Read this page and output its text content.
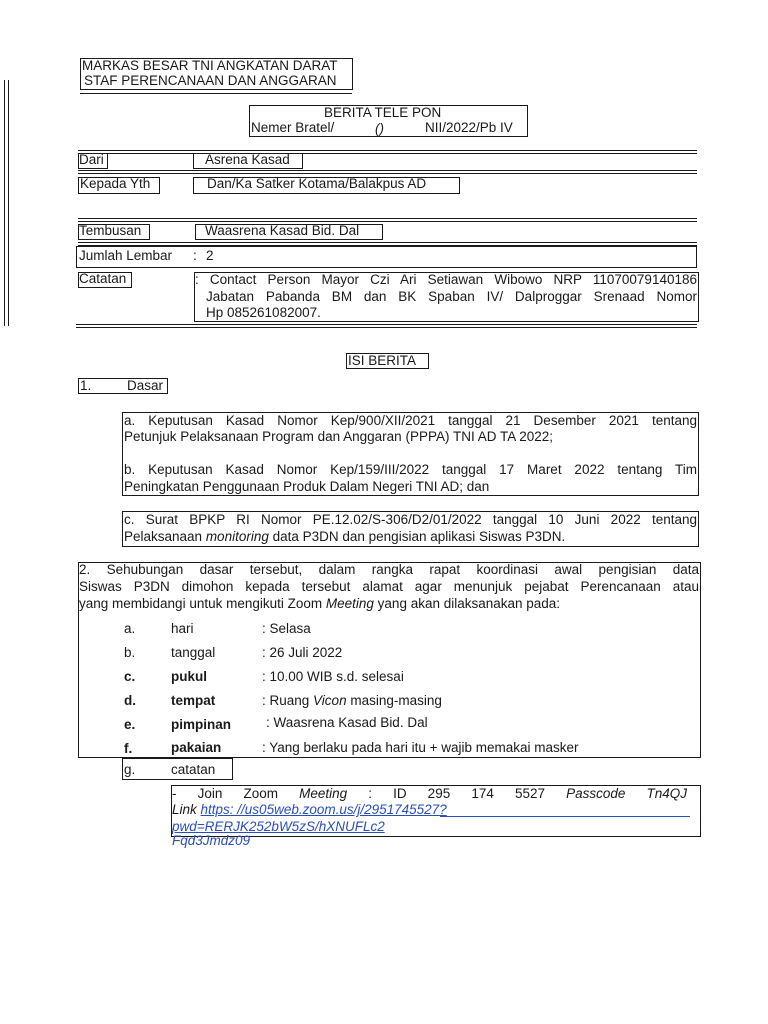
MARKAS BESAR TNI ANGKATAN DARAT
STAF PERENCANAAN DAN ANGGARAN
BERITA TELE PON
Nemer Bratel/	()	NII/2022/Pb IV
Dari	Asrena Kasad
Kepada Yth	Dan/Ka Satker Kotama/Balakpus AD
Tembusan	Waasrena Kasad Bid. Dal
Jumlah Lembar : 2
Catatan	: Contact Person Mayor Czi Ari Setiawan Wibowo NRP 11070079140186
Jabatan Pabanda BM dan BK Spaban IV/ Dalproggar Srenaad Nomor
Hp 085261082007.
ISI BERITA
1.	Dasar
a. Keputusan Kasad Nomor Kep/900/XII/2021 tanggal 21 Desember 2021 tentang
Petunjuk Pelaksanaan Program dan Anggaran (PPPA) TNI AD TA 2022;
b. Keputusan Kasad Nomor Kep/159/III/2022 tanggal 17 Maret 2022 tentang Tim
Peningkatan Penggunaan Produk Dalam Negeri TNI AD; dan
c. Surat BPKP RI Nomor PE.12.02/S-306/D2/01/2022 tanggal 10 Juni 2022 tentang
Pelaksanaan monitoring data P3DN dan pengisian aplikasi Siswas P3DN.
2. Sehubungan dasar tersebut, dalam rangka rapat koordinasi awal pengisian data
Siswas P3DN dimohon kepada tersebut alamat agar menunjuk pejabat Perencanaan atau
yang membidangi untuk mengikuti Zoom Meeting yang akan dilaksanakan pada:
a.	hari	: Selasa
b.	tanggal	: 26 Juli 2022
c.	pukul	: 10.00 WIB s.d. selesai
d.	tempat	: Ruang Vicon masing-masing
e.	pimpinan	: Waasrena Kasad Bid. Dal
f.	pakaian	: Yang berlaku pada hari itu + wajib memakai masker
g.	catatan
- Join Zoom Meeting : ID 295 174 5527 Passcode Tn4QJ
Link https: //us05web.zoom.us/j/2951745527?
pwd=RERJK252bW5zS/hXNUFLc2
Fqd3Jmdz09
